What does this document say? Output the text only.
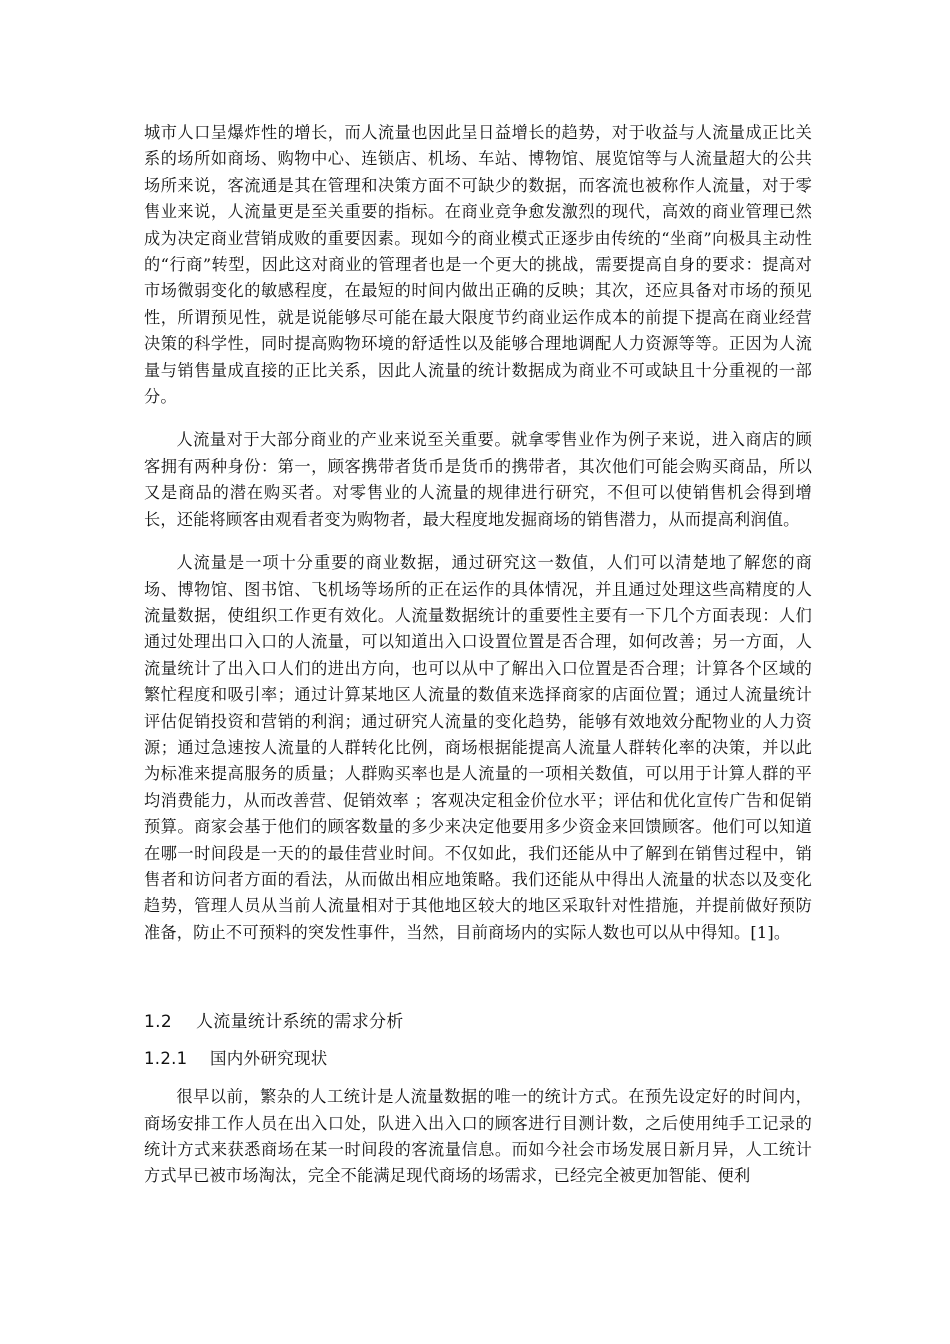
城市人口呈爆炸性的增长，而人流量也因此呈日益增长的趋势，对于收益与人流量成正比关系的场所如商场、购物中心、连锁店、机场、车站、博物馆、展览馆等与人流量超大的公共场所来说，客流通是其在管理和决策方面不可缺少的数据，而客流也被称作人流量，对于零售业来说，人流量更是至关重要的指标。在商业竞争愈发激烈的现代，高效的商业管理已然成为决定商业营销成败的重要因素。现如今的商业模式正逐步由传统的“坐商”向极具主动性的“行商”转型，因此这对商业的管理者也是一个更大的挑战，需要提高自身的要求：提高对市场微弱变化的敏感程度，在最短的时间内做出正确的反映；其次，还应具备对市场的预见性，所谓预见性，就是说能够尽可能在最大限度节约商业运作成本的前提下提高在商业经营决策的科学性，同时提高购物环境的舒适性以及能够合理地调配人力资源等等。正因为人流量与销售量成直接的正比关系，因此人流量的统计数据成为商业不可或缺且十分重视的一部分。

人流量对于大部分商业的产业来说至关重要。就拿零售业作为例子来说，进入商店的顾客拥有两种身份：第一，顾客携带者货币是货币的携带者，其次他们可能会购买商品，所以又是商品的潜在购买者。对零售业的人流量的规律进行研究，不但可以使销售机会得到增长，还能将顾客由观看者变为购物者，最大程度地发掘商场的销售潜力，从而提高利润值。

人流量是一项十分重要的商业数据，通过研究这一数值，人们可以清楚地了解您的商场、博物馆、图书馆、飞机场等场所的正在运作的具体情况，并且通过处理这些高精度的人流量数据，使组织工作更有效化。人流量数据统计的重要性主要有一下几个方面表现：人们通过处理出口入口的人流量，可以知道出入口设置位置是否合理，如何改善；另一方面，人流量统计了出入口人们的进出方向，也可以从中了解出入口位置是否合理；计算各个区域的繁忙程度和吸引率；通过计算某地区人流量的数值来选择商家的店面位置；通过人流量统计评估促销投资和营销的利润；通过研究人流量的变化趋势，能够有效地效分配物业的人力资源；通过急速按人流量的人群转化比例，商场根据能提高人流量人群转化率的决策，并以此为标准来提高服务的质量；人群购买率也是人流量的一项相关数值，可以用于计算人群的平均消费能力，从而改善营、促销效率 ；客观决定租金价位水平；评估和优化宣传广告和促销预算。商家会基于他们的顾客数量的多少来决定他要用多少资金来回馈顾客。他们可以知道在哪一时间段是一天的的最佳营业时间。不仅如此，我们还能从中了解到在销售过程中，销售者和访问者方面的看法，从而做出相应地策略。我们还能从中得出人流量的状态以及变化趋势，管理人员从当前人流量相对于其他地区较大的地区采取针对性措施，并提前做好预防准备，防止不可预料的突发性事件，当然，目前商场内的实际人数也可以从中得知。[1]。

1.2 人流量统计系统的需求分析
1.2.1 国内外研究现状

很早以前，繁杂的人工统计是人流量数据的唯一的统计方式。在预先设定好的时间内，商场安排工作人员在出入口处，队进入出入口的顾客进行目测计数，之后使用纯手工记录的统计方式来获悉商场在某一时间段的客流量信息。而如今社会市场发展日新月异，人工统计方式早已被市场淘汰，完全不能满足现代商场的场需求，已经完全被更加智能、便利
